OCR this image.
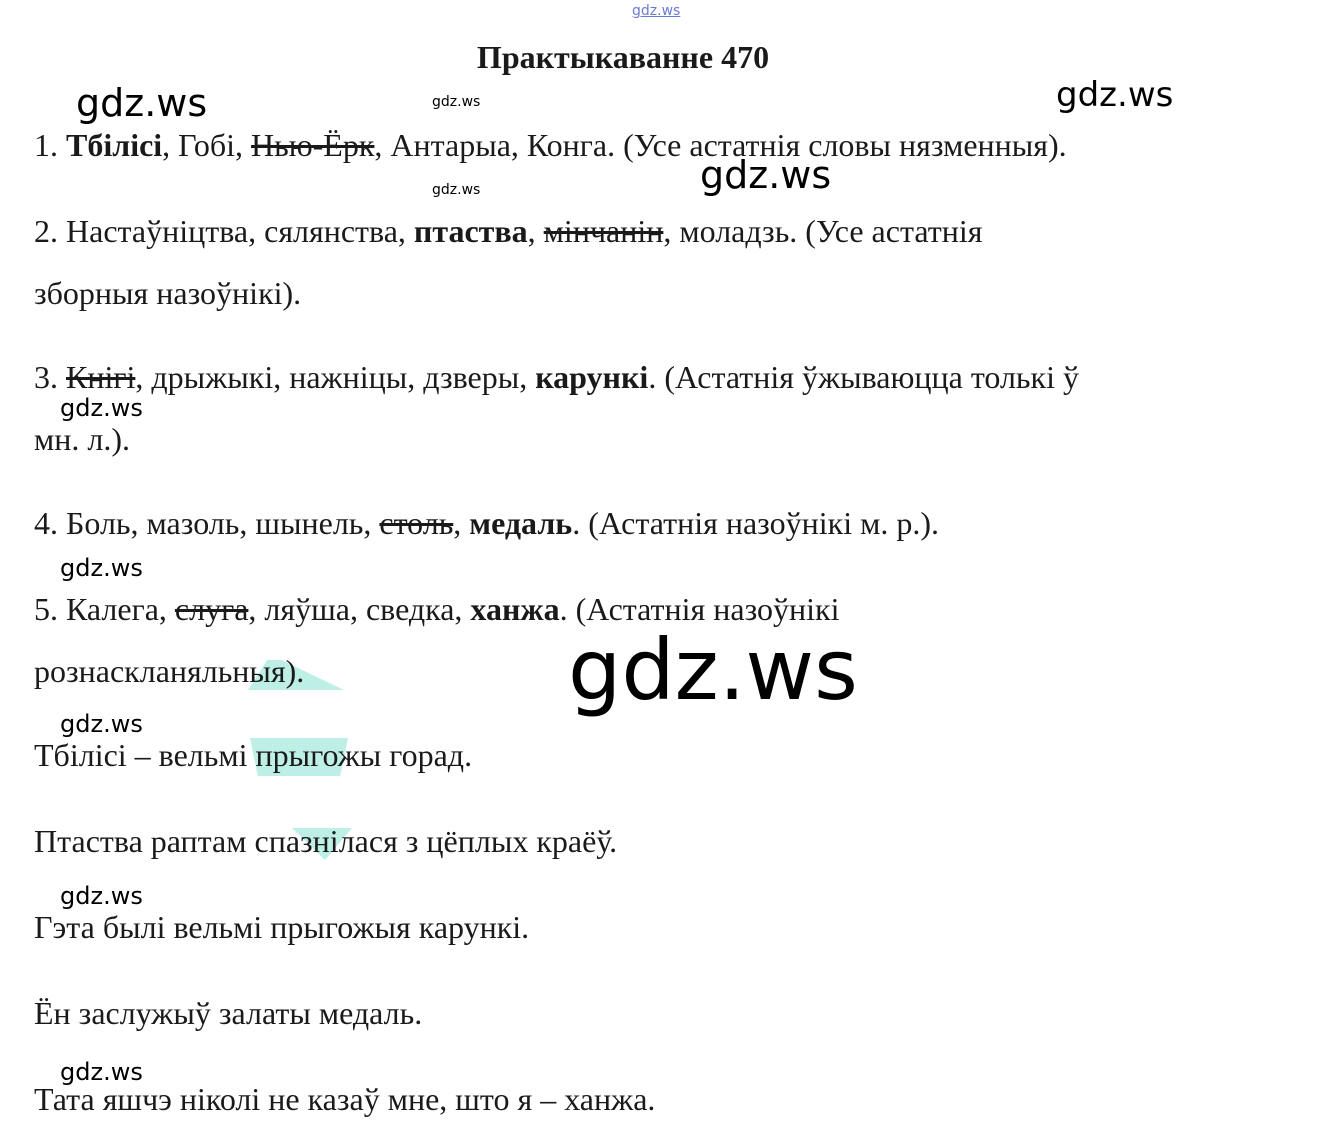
gdz.ws
gdz.ws	gdz.ws	gdz.ws
gdz.ws	gdz.ws
gdz.ws
gdz.ws
gdz.ws
gdz.ws
gdz.ws
gdz.ws
Практыкаванне 470
1. Тбілісі, Гобі, Нью-Ёрк, Антарыа, Конга. (Усе астатнія словы нязменныя).
2. Настаўніцтва, сялянства, птаства, мінчанін, моладзь. (Усе астатнія
зборныя назоўнікі).
3. Кнігі, дрыжыкі, нажніцы, дзверы, карункі. (Астатнія ўжываюцца толькі ў
мн. л.).
4. Боль, мазоль, шынель, столь, медаль. (Астатнія назоўнікі м. р.).
5. Калега, слуга, ляўша, сведка, ханжа. (Астатнія назоўнікі
рознаскланяльныя).
Тбілісі – вельмі прыгожы горад.
Птаства раптам спазнілася з цёплых краёў.
Гэта былі вельмі прыгожыя карункі.
Ён заслужыў залаты медаль.
Тата яшчэ ніколі не казаў мне, што я – ханжа.
